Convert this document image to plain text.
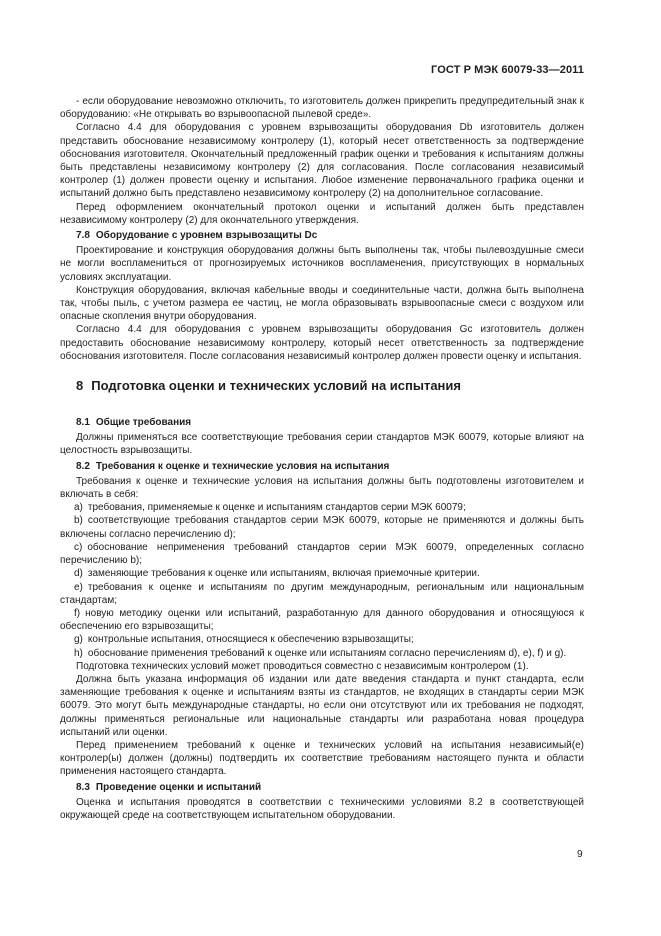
ГОСТ Р МЭК 60079-33—2011

- если оборудование невозможно отключить, то изготовитель должен прикрепить предупредительный знак к оборудованию: «Не открывать во взрывоопасной пылевой среде».

Согласно 4.4 для оборудования с уровнем взрывозащиты оборудования Db изготовитель должен представить обоснование независимому контролеру (1), который несет ответственность за подтверждение обоснования изготовителя. Окончательный предложенный график оценки и требования к испытаниям должны быть представлены независимому контролеру (2) для согласования. После согласования независимый контролер (1) должен провести оценку и испытания. Любое изменение первоначального графика оценки и испытаний должно быть представлено независимому контролеру (2) на дополнительное согласование.

Перед оформлением окончательный протокол оценки и испытаний должен быть представлен независимому контролеру (2) для окончательного утверждения.

7.8 Оборудование с уровнем взрывозащиты Dc

Проектирование и конструкция оборудования должны быть выполнены так, чтобы пылевоздушные смеси не могли воспламениться от прогнозируемых источников воспламенения, присутствующих в нормальных условиях эксплуатации.

Конструкция оборудования, включая кабельные вводы и соединительные части, должна быть выполнена так, чтобы пыль, с учетом размера ее частиц, не могла образовывать взрывоопасные смеси с воздухом или опасные скопления внутри оборудования.

Согласно 4.4 для оборудования с уровнем взрывозащиты оборудования Gc изготовитель должен предоставить обоснование независимому контролеру, который несет ответственность за подтверждение обоснования изготовителя. После согласования независимый контролер должен провести оценку и испытания.

8 Подготовка оценки и технических условий на испытания
8.1 Общие требования

Должны применяться все соответствующие требования серии стандартов МЭК 60079, которые влияют на целостность взрывозащиты.

8.2 Требования к оценке и технические условия на испытания

Требования к оценке и технические условия на испытания должны быть подготовлены изготовителем и включать в себя:

a) требования, применяемые к оценке и испытаниям стандартов серии МЭК 60079;

b) соответствующие требования стандартов серии МЭК 60079, которые не применяются и должны быть включены согласно перечислению d);

c) обоснование неприменения требований стандартов серии МЭК 60079, определенных согласно перечислению b);

d) заменяющие требования к оценке или испытаниям, включая приемочные критерии.

e) требования к оценке и испытаниям по другим международным, региональным или национальным стандартам;

f) новую методику оценки или испытаний, разработанную для данного оборудования и относящуюся к обеспечению его взрывозащиты;

g) контрольные испытания, относящиеся к обеспечению взрывозащиты;

h) обоснование применения требований к оценке или испытаниям согласно перечислениям d), e), f) и g).

Подготовка технических условий может проводиться совместно с независимым контролером (1).

Должна быть указана информация об издании или дате введения стандарта и пункт стандарта, если заменяющие требования к оценке и испытаниям взяты из стандартов, не входящих в стандарты серии МЭК 60079. Это могут быть международные стандарты, но если они отсутствуют или их требования не подходят, должны применяться региональные или национальные стандарты или разработана новая процедура испытаний или оценки.

Перед применением требований к оценке и технических условий на испытания независимый(е) контролер(ы) должен (должны) подтвердить их соответствие требованиям настоящего пункта и области применения настоящего стандарта.

8.3 Проведение оценки и испытаний

Оценка и испытания проводятся в соответствии с техническими условиями 8.2 в соответствующей окружающей среде на соответствующем испытательном оборудовании.

9
